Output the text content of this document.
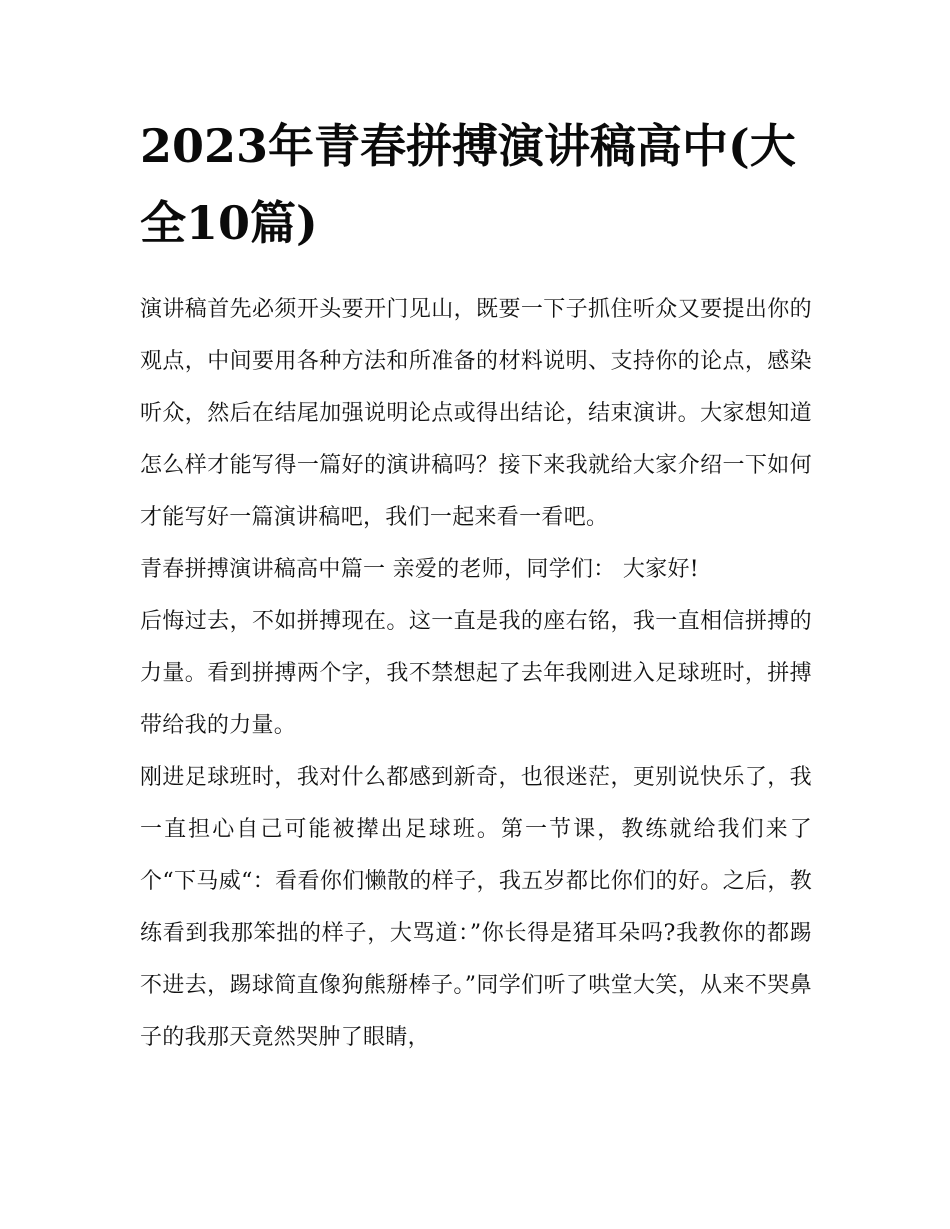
2023年青春拼搏演讲稿高中(大全10篇)

演讲稿首先必须开头要开门见山，既要一下子抓住听众又要提出你的观点，中间要用各种方法和所准备的材料说明、支持你的论点，感染听众，然后在结尾加强说明论点或得出结论，结束演讲。大家想知道怎么样才能写得一篇好的演讲稿吗？接下来我就给大家介绍一下如何才能写好一篇演讲稿吧，我们一起来看一看吧。

青春拼搏演讲稿高中篇一 亲爱的老师，同学们： 大家好!

后悔过去，不如拼搏现在。这一直是我的座右铭，我一直相信拼搏的力量。看到拼搏两个字，我不禁想起了去年我刚进入足球班时，拼搏带给我的力量。

刚进足球班时，我对什么都感到新奇，也很迷茫，更别说快乐了，我一直担心自己可能被撵出足球班。第一节课，教练就给我们来了个“下马威“：看看你们懒散的样子，我五岁都比你们的好。之后，教练看到我那笨拙的样子，大骂道：”你长得是猪耳朵吗?我教你的都踢不进去，踢球简直像狗熊掰棒子。”同学们听了哄堂大笑，从来不哭鼻子的我那天竟然哭肿了眼睛，
